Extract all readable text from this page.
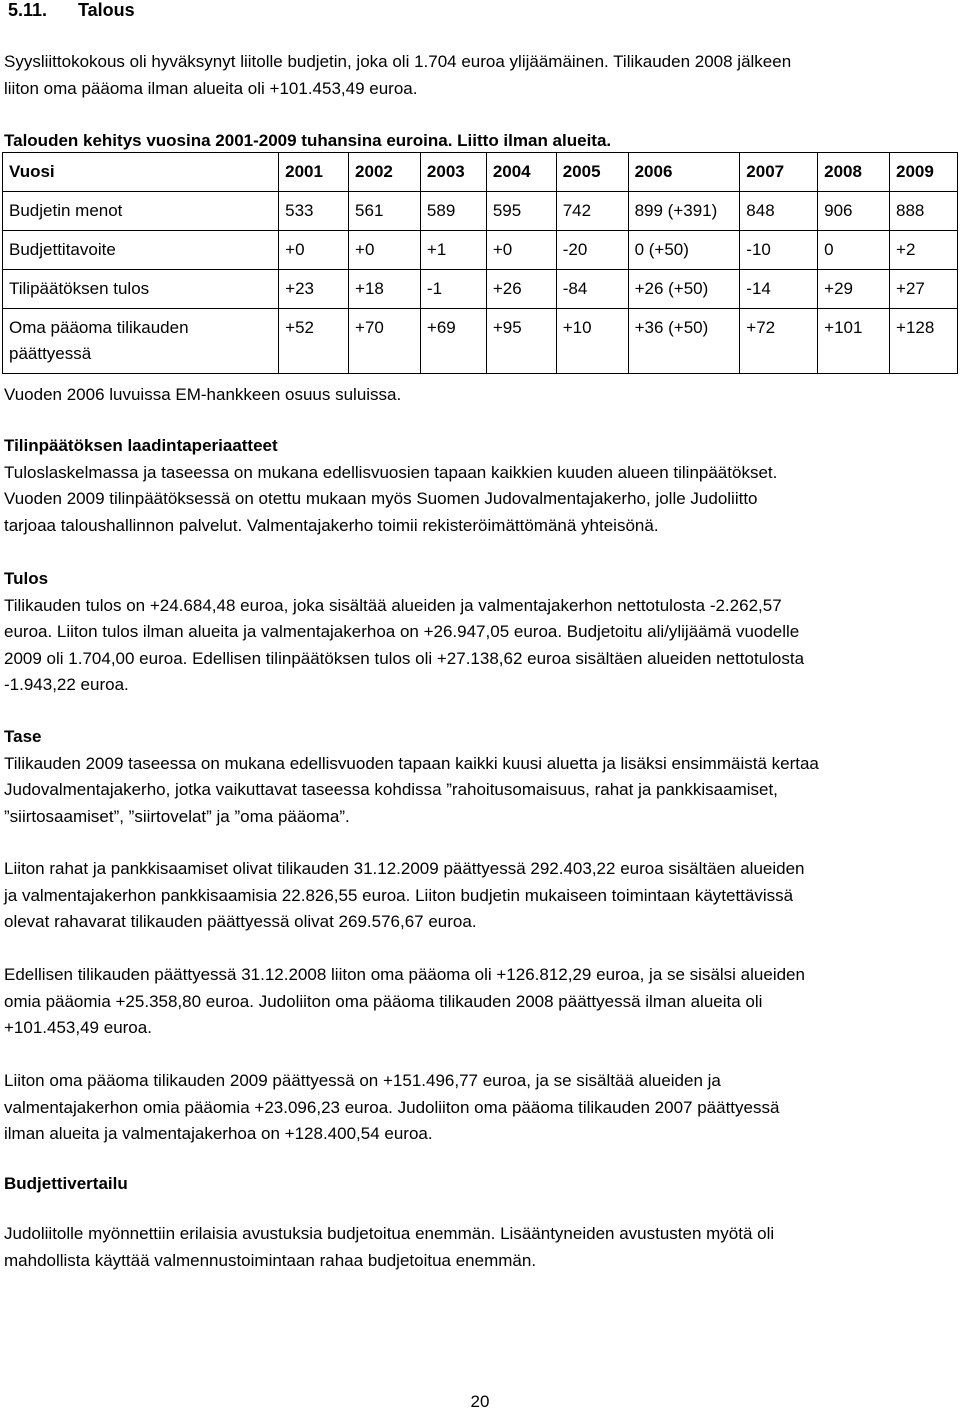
5.11. Talous

Syysliittokokous oli hyväksynyt liitolle budjetin, joka oli 1.704 euroa ylijäämäinen. Tilikauden 2008 jälkeen
liiton oma pääoma ilman alueita oli +101.453,49 euroa.

Talouden kehitys vuosina 2001-2009 tuhansina euroina. Liitto ilman alueita.

Vuosi	2001	2002	2003	2004	2005	2006	2007	2008	2009
Budjetin menot	533	561	589	595	742	899 (+391)	848	906	888
Budjettitavoite	+0	+0	+1	+0	-20	0 (+50)	-10	0	+2
Tilipäätöksen tulos	+23	+18	-1	+26	-84	+26 (+50)	-14	+29	+27
Oma pääoma tilikauden päättyessä	+52	+70	+69	+95	+10	+36 (+50)	+72	+101	+128

Vuoden 2006 luvuissa EM-hankkeen osuus suluissa.

Tilinpäätöksen laadintaperiaatteet
Tuloslaskelmassa ja taseessa on mukana edellisvuosien tapaan kaikkien kuuden alueen tilinpäätökset.
Vuoden 2009 tilinpäätöksessä on otettu mukaan myös Suomen Judovalmentajakerho, jolle Judoliitto
tarjoaa taloushallinnon palvelut. Valmentajakerho toimii rekisteröimättömänä yhteisönä.

Tulos
Tilikauden tulos on +24.684,48 euroa, joka sisältää alueiden ja valmentajakerhon nettotulosta -2.262,57
euroa. Liiton tulos ilman alueita ja valmentajakerhoa on +26.947,05 euroa. Budjetoitu ali/ylijäämä vuodelle
2009 oli 1.704,00 euroa. Edellisen tilinpäätöksen tulos oli +27.138,62 euroa sisältäen alueiden nettotulosta
-1.943,22 euroa.

Tase
Tilikauden 2009 taseessa on mukana edellisvuoden tapaan kaikki kuusi aluetta ja lisäksi ensimmäistä kertaa
Judovalmentajakerho, jotka vaikuttavat taseessa kohdissa ”rahoitusomaisuus, rahat ja pankkisaamiset,
”siirtosaamiset”, ”siirtovelat” ja ”oma pääoma”.

Liiton rahat ja pankkisaamiset olivat tilikauden 31.12.2009 päättyessä 292.403,22 euroa sisältäen alueiden
ja valmentajakerhon pankkisaamisia 22.826,55 euroa. Liiton budjetin mukaiseen toimintaan käytettävissä
olevat rahavarat tilikauden päättyessä olivat 269.576,67 euroa.

Edellisen tilikauden päättyessä 31.12.2008 liiton oma pääoma oli +126.812,29 euroa, ja se sisälsi alueiden
omia pääomia +25.358,80 euroa. Judoliiton oma pääoma tilikauden 2008 päättyessä ilman alueita oli
+101.453,49 euroa.

Liiton oma pääoma tilikauden 2009 päättyessä on +151.496,77 euroa, ja se sisältää alueiden ja
valmentajakerhon omia pääomia +23.096,23 euroa. Judoliiton oma pääoma tilikauden 2007 päättyessä
ilman alueita ja valmentajakerhoa on +128.400,54 euroa.

Budjettivertailu

Judoliitolle myönnettiin erilaisia avustuksia budjetoitua enemmän. Lisääntyneiden avustusten myötä oli
mahdollista käyttää valmennustoimintaan rahaa budjetoitua enemmän.

20
